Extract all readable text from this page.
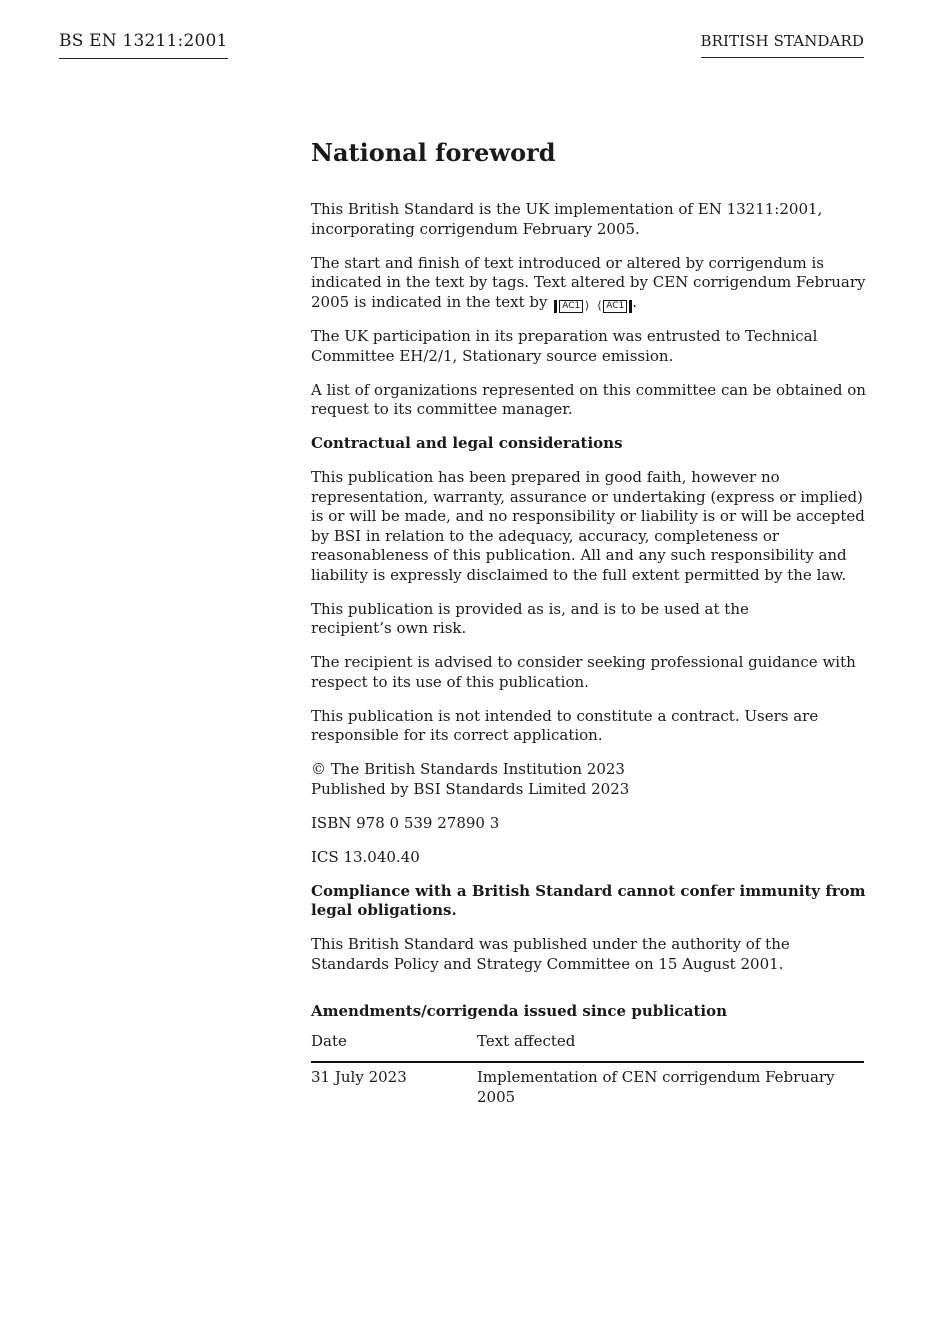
BS EN 13211:2001	BRITISH STANDARD
National foreword

This British Standard is the UK implementation of EN 13211:2001, incorporating corrigendum February 2005.

The start and finish of text introduced or altered by corrigendum is indicated in the text by tags. Text altered by CEN corrigendum February 2005 is indicated in the text by AC1 ⟩ ⟨ AC1 .

The UK participation in its preparation was entrusted to Technical Committee EH/2/1, Stationary source emission.

A list of organizations represented on this committee can be obtained on request to its committee manager.

Contractual and legal considerations

This publication has been prepared in good faith, however no representation, warranty, assurance or undertaking (express or implied) is or will be made, and no responsibility or liability is or will be accepted by BSI in relation to the adequacy, accuracy, completeness or reasonableness of this publication. All and any such responsibility and liability is expressly disclaimed to the full extent permitted by the law.

This publication is provided as is, and is to be used at the
recipient’s own risk.

The recipient is advised to consider seeking professional guidance with respect to its use of this publication.

This publication is not intended to constitute a contract. Users are responsible for its correct application.

© The British Standards Institution 2023
Published by BSI Standards Limited 2023

ISBN 978 0 539 27890 3

ICS 13.040.40

Compliance with a British Standard cannot confer immunity from legal obligations.

This British Standard was published under the authority of the Standards Policy and Strategy Committee on 15 August 2001.

Amendments/corrigenda issued since publication
Date	Text affected
31 July 2023	Implementation of CEN corrigendum February 2005
